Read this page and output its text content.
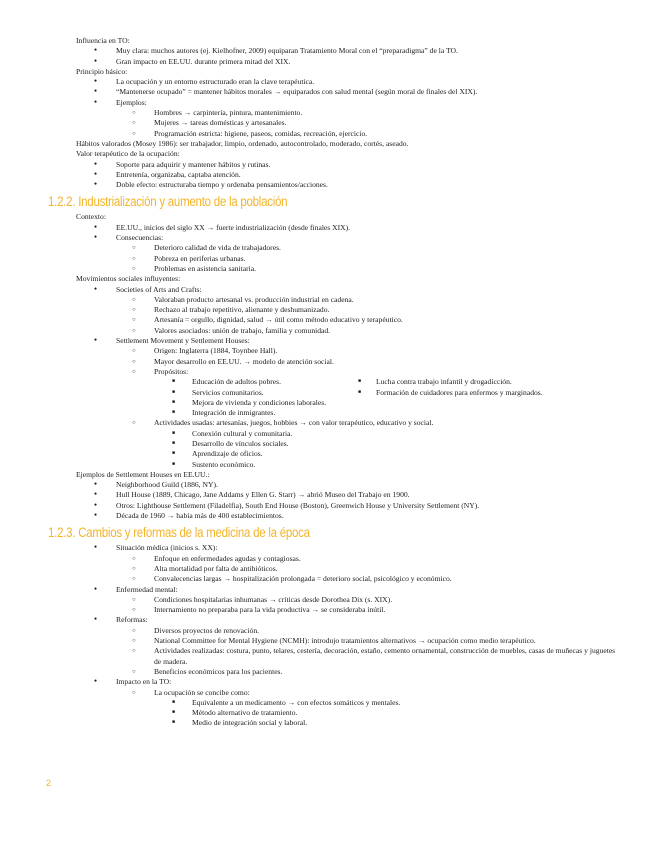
Influencia en TO:
● Muy clara: muchos autores (ej. Kielhofner, 2009) equiparan Tratamiento Moral con el “preparadigma” de la TO.
● Gran impacto en EE.UU. durante primera mitad del XIX.
Principio básico:
● La ocupación y un entorno estructurado eran la clave terapéutica.
● “Mantenerse ocupado” = mantener hábitos morales → equiparados con salud mental (según moral de finales del XIX).
● Ejemplos:
○ Hombres → carpintería, pintura, mantenimiento.
○ Mujeres → tareas domésticas y artesanales.
○ Programación estricta: higiene, paseos, comidas, recreación, ejercicio.
Hábitos valorados (Mosey 1986): ser trabajador, limpio, ordenado, autocontrolado, moderado, cortés, aseado.
Valor terapéutico de la ocupación:
● Soporte para adquirir y mantener hábitos y rutinas.
● Entretenía, organizaba, captaba atención.
● Doble efecto: estructuraba tiempo y ordenaba pensamientos/acciones.
1.2.2. Industrialización y aumento de la población
Contexto:
● EE.UU., inicios del siglo XX → fuerte industrialización (desde finales XIX).
● Consecuencias:
○ Deterioro calidad de vida de trabajadores.
○ Pobreza en periferias urbanas.
○ Problemas en asistencia sanitaria.
Movimientos sociales influyentes:
● Societies of Arts and Crafts:
○ Valoraban producto artesanal vs. producción industrial en cadena.
○ Rechazo al trabajo repetitivo, alienante y deshumanizado.
○ Artesanía = orgullo, dignidad, salud → útil como método educativo y terapéutico.
○ Valores asociados: unión de trabajo, familia y comunidad.
● Settlement Movement y Settlement Houses:
○ Origen: Inglaterra (1884, Toynbee Hall).
○ Mayor desarrollo en EE.UU. → modelo de atención social.
○ Propósitos:
■ Educación de adultos pobres.
■ Servicios comunitarios.
■ Mejora de vivienda y condiciones laborales.
■ Integración de inmigrantes.
■ Lucha contra trabajo infantil y drogadicción.
■ Formación de cuidadores para enfermos y marginados.
○ Actividades usadas: artesanías, juegos, hobbies → con valor terapéutico, educativo y social.
■ Conexión cultural y comunitaria.
■ Desarrollo de vínculos sociales.
■ Aprendizaje de oficios.
■ Sustento económico.
Ejemplos de Settlement Houses en EE.UU.:
● Neighborhood Guild (1886, NY).
● Hull House (1889, Chicago, Jane Addams y Ellen G. Starr) → abrió Museo del Trabajo en 1900.
● Otros: Lighthouse Settlement (Filadelfia), South End House (Boston), Greenwich House y University Settlement (NY).
● Década de 1960 → había más de 400 establecimientos.
1.2.3. Cambios y reformas de la medicina de la época
● Situación médica (inicios s. XX):
○ Enfoque en enfermedades agudas y contagiosas.
○ Alta mortalidad por falta de antibióticos.
○ Convalecencias largas → hospitalización prolongada = deterioro social, psicológico y económico.
● Enfermedad mental:
○ Condiciones hospitalarias inhumanas → críticas desde Dorothea Dix (s. XIX).
○ Internamiento no preparaba para la vida productiva → se consideraba inútil.
● Reformas:
○ Diversos proyectos de renovación.
○ National Committee for Mental Hygiene (NCMH): introdujo tratamientos alternativos → ocupación como medio terapéutico.
○ Actividades realizadas: costura, punto, telares, cestería, decoración, estaño, cemento ornamental, construcción de muebles, casas de muñecas y juguetes de madera.
○ Beneficios económicos para los pacientes.
● Impacto en la TO:
○ La ocupación se concibe como:
■ Equivalente a un medicamento → con efectos somáticos y mentales.
■ Método alternativo de tratamiento.
■ Medio de integración social y laboral.
2
